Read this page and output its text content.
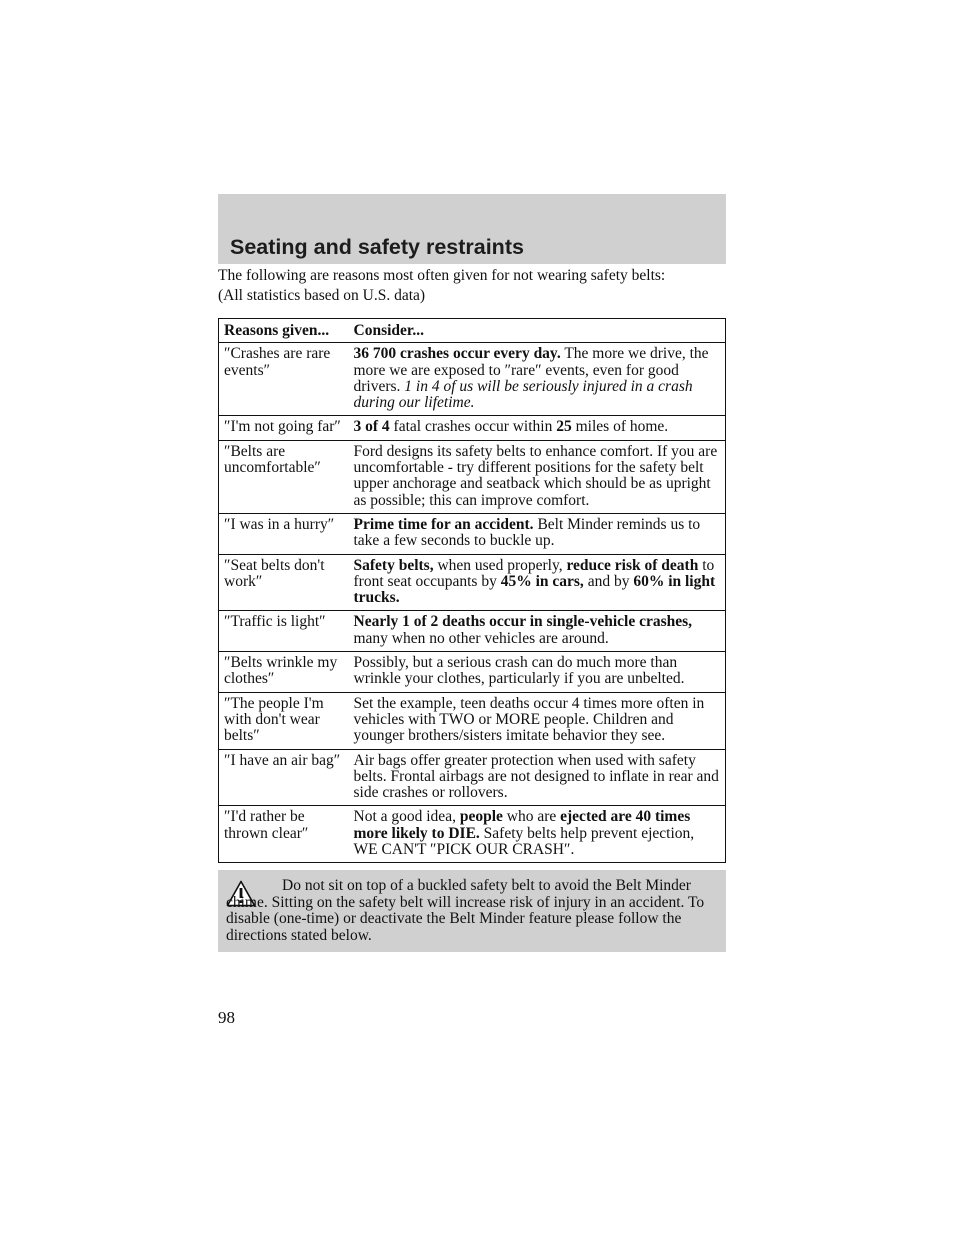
Seating and safety restraints
The following are reasons most often given for not wearing safety belts:
(All statistics based on U.S. data)
Reasons given...	Consider...
″Crashes are rare events″	36 700 crashes occur every day. The more we drive, the more we are exposed to ″rare″ events, even for good drivers. 1 in 4 of us will be seriously injured in a crash during our lifetime.
″I'm not going far″	3 of 4 fatal crashes occur within 25 miles of home.
″Belts are uncomfortable″	Ford designs its safety belts to enhance comfort. If you are uncomfortable - try different positions for the safety belt upper anchorage and seatback which should be as upright as possible; this can improve comfort.
″I was in a hurry″	Prime time for an accident. Belt Minder reminds us to take a few seconds to buckle up.
″Seat belts don't work″	Safety belts, when used properly, reduce risk of death to front seat occupants by 45% in cars, and by 60% in light trucks.
″Traffic is light″	Nearly 1 of 2 deaths occur in single-vehicle crashes, many when no other vehicles are around.
″Belts wrinkle my clothes″	Possibly, but a serious crash can do much more than wrinkle your clothes, particularly if you are unbelted.
″The people I'm with don't wear belts″	Set the example, teen deaths occur 4 times more often in vehicles with TWO or MORE people. Children and younger brothers/sisters imitate behavior they see.
″I have an air bag″	Air bags offer greater protection when used with safety belts. Frontal airbags are not designed to inflate in rear and side crashes or rollovers.
″I'd rather be thrown clear″	Not a good idea, people who are ejected are 40 times more likely to DIE. Safety belts help prevent ejection, WE CAN'T ″PICK OUR CRASH″.
Do not sit on top of a buckled safety belt to avoid the Belt Minder chime. Sitting on the safety belt will increase risk of injury in an accident. To disable (one-time) or deactivate the Belt Minder feature please follow the directions stated below.
98
